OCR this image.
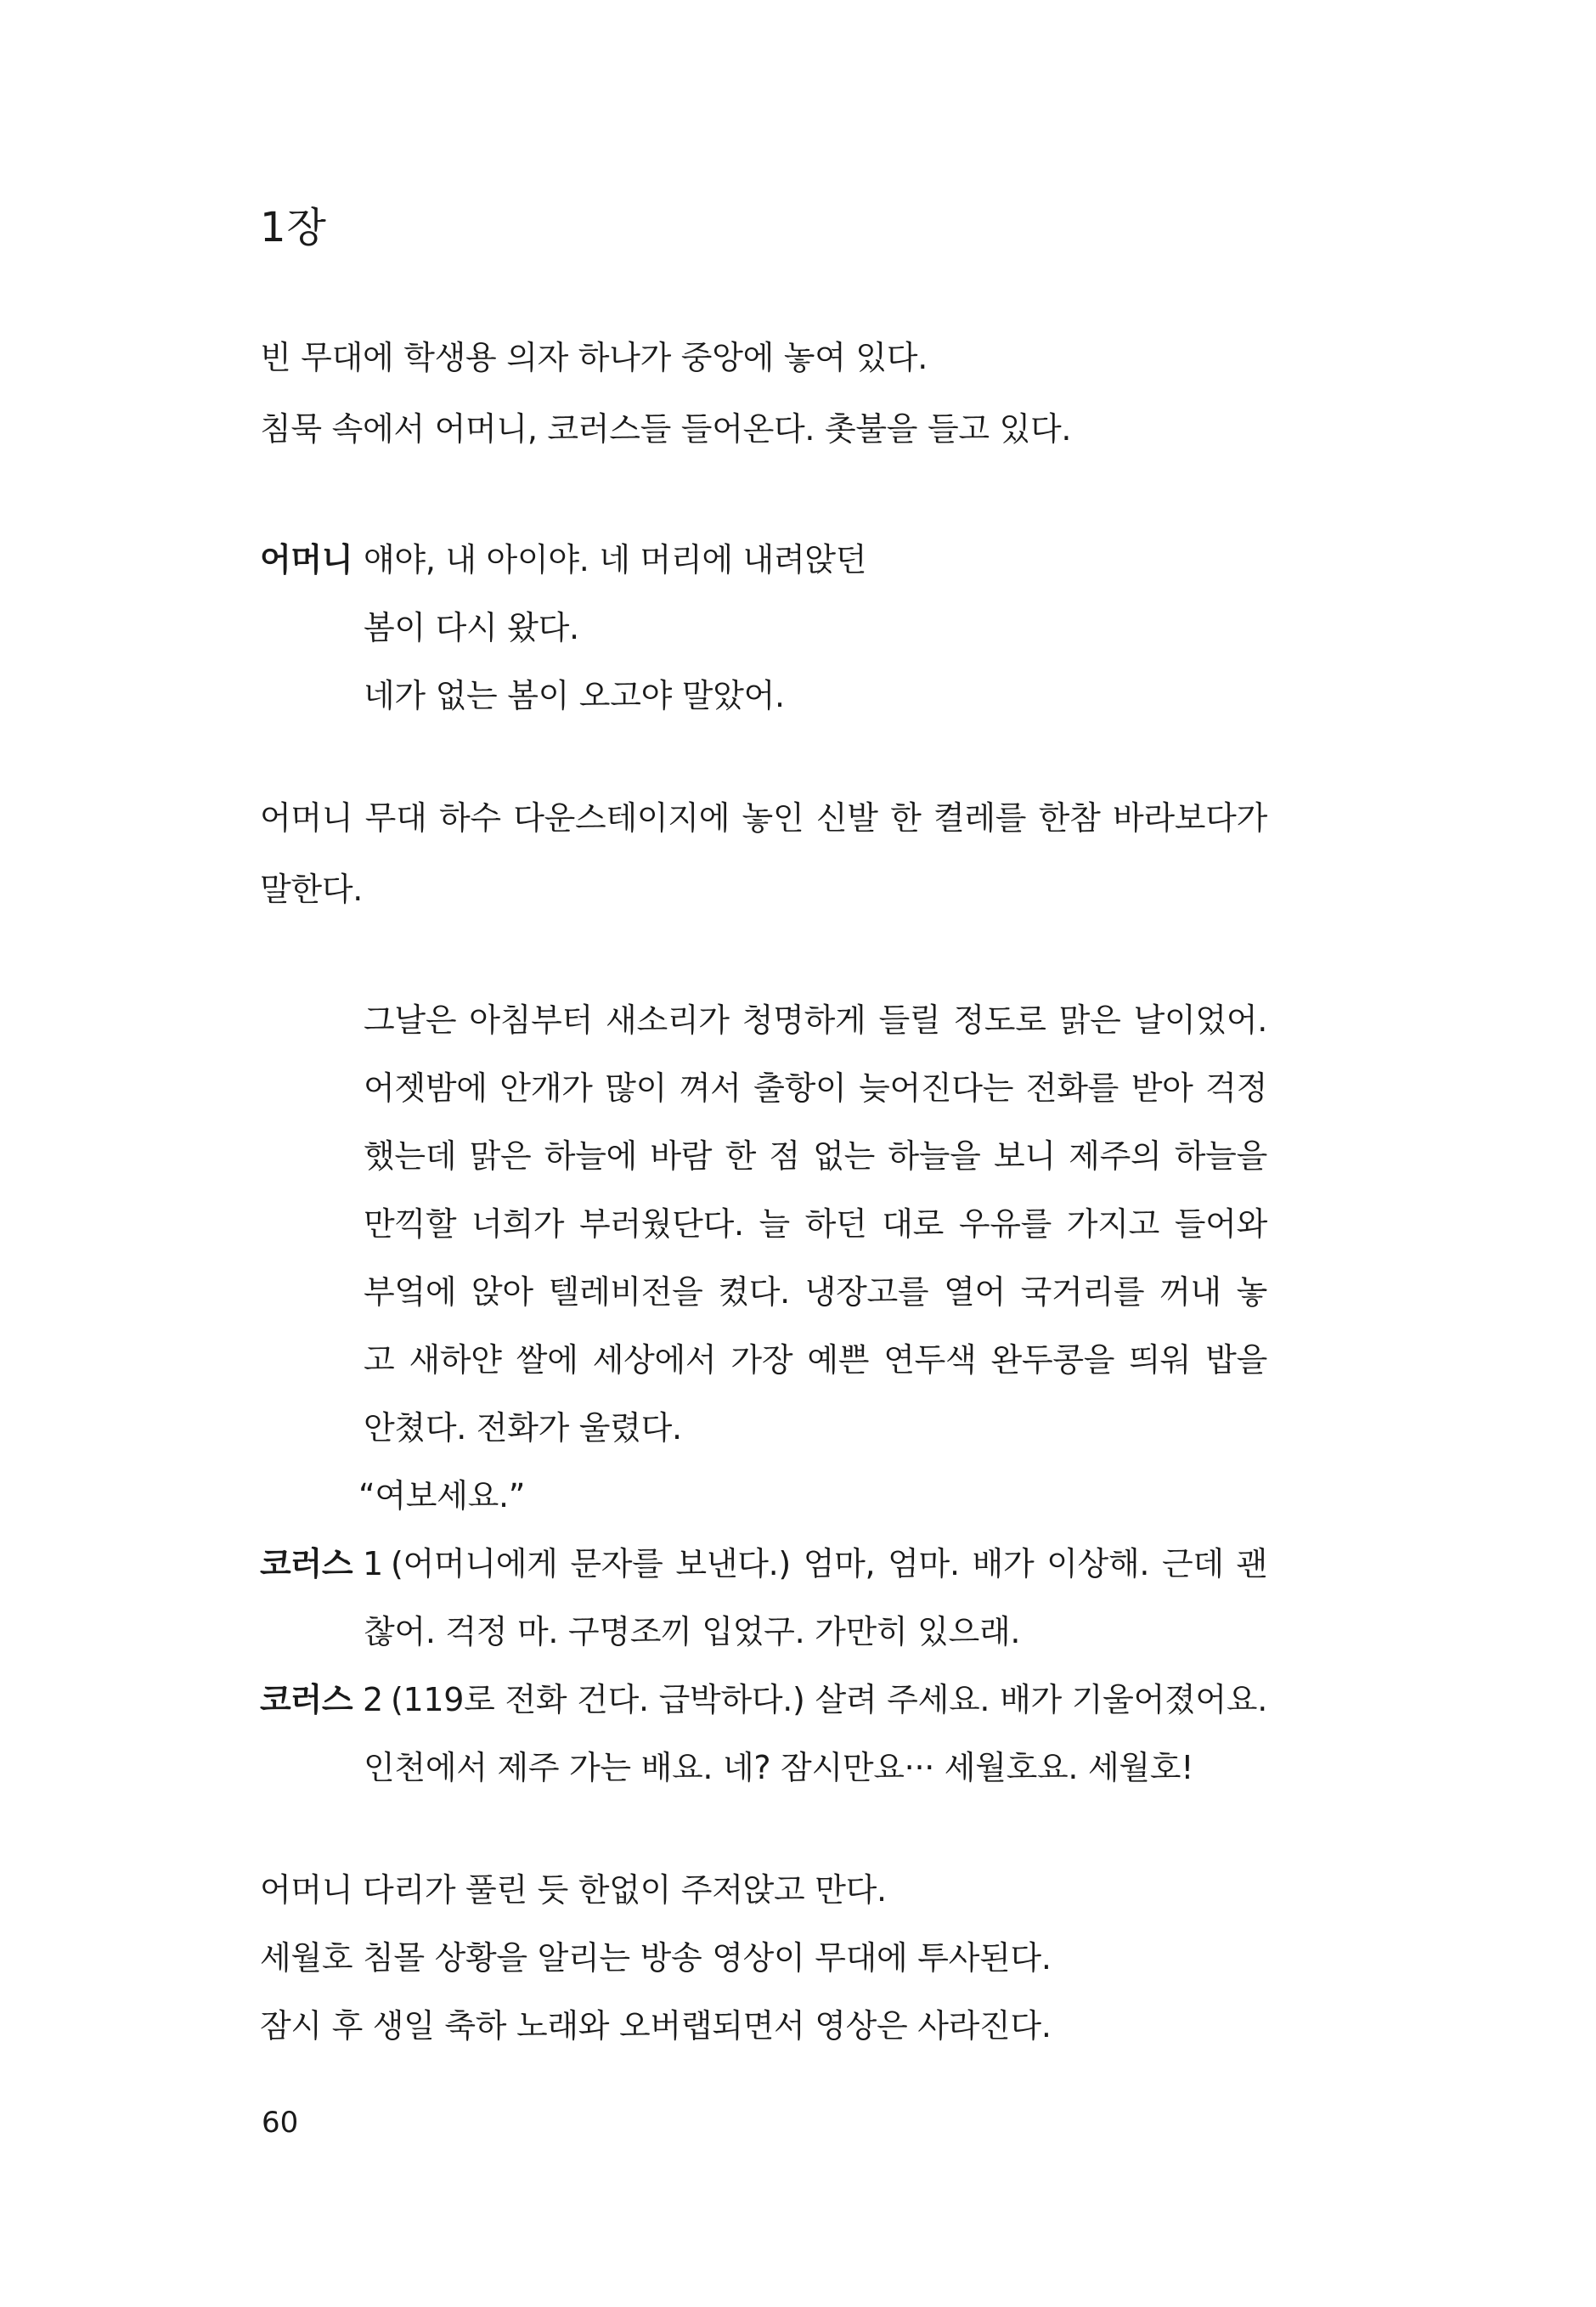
1장
빈 무대에 학생용 의자 하나가 중앙에 놓여 있다.
침묵 속에서 어머니, 코러스들 들어온다. 촛불을 들고 있다.
어머니 얘야, 내 아이야. 네 머리에 내려앉던
봄이 다시 왔다.
네가 없는 봄이 오고야 말았어.
어머니 무대 하수 다운스테이지에 놓인 신발 한 켤레를 한참 바라보다가
말한다.
그날은 아침부터 새소리가 청명하게 들릴 정도로 맑은 날이었어.
어젯밤에 안개가 많이 껴서 출항이 늦어진다는 전화를 받아 걱정
했는데 맑은 하늘에 바람 한 점 없는 하늘을 보니 제주의 하늘을
만끽할 너희가 부러웠단다. 늘 하던 대로 우유를 가지고 들어와
부엌에 앉아 텔레비전을 켰다. 냉장고를 열어 국거리를 꺼내 놓
고 새하얀 쌀에 세상에서 가장 예쁜 연두색 완두콩을 띄워 밥을
안쳤다. 전화가 울렸다.
“여보세요.”
코러스 1 (어머니에게 문자를 보낸다.) 엄마, 엄마. 배가 이상해. 근데 괜
찮어. 걱정 마. 구명조끼 입었구. 가만히 있으래.
코러스 2 (119로 전화 건다. 급박하다.) 살려 주세요. 배가 기울어졌어요.
인천에서 제주 가는 배요. 네? 잠시만요··· 세월호요. 세월호!
어머니 다리가 풀린 듯 한없이 주저앉고 만다.
세월호 침몰 상황을 알리는 방송 영상이 무대에 투사된다.
잠시 후 생일 축하 노래와 오버랩되면서 영상은 사라진다.
60
